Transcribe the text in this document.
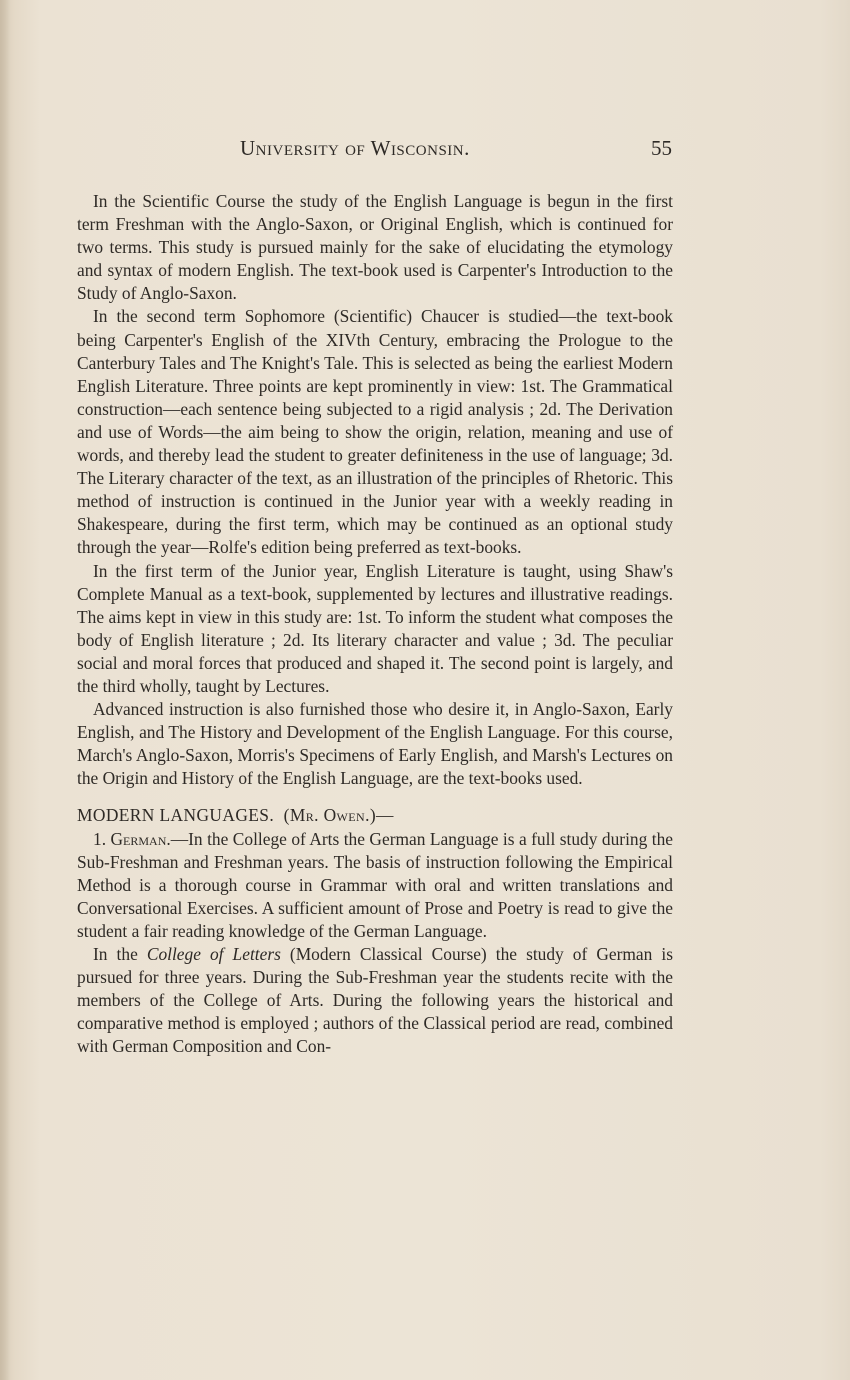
University of Wisconsin.	55

In the Scientific Course the study of the English Language is begun in the first term Freshman with the Anglo-Saxon, or Original English, which is continued for two terms. This study is pursued mainly for the sake of elucidating the etymology and syntax of modern English. The text-book used is Carpenter's Introduction to the Study of Anglo-Saxon.

In the second term Sophomore (Scientific) Chaucer is studied—the text-book being Carpenter's English of the XIVth Century, embracing the Prologue to the Canterbury Tales and The Knight's Tale. This is selected as being the earliest Modern English Literature. Three points are kept prominently in view: 1st. The Grammatical construction—each sentence being subjected to a rigid analysis ; 2d. The Derivation and use of Words—the aim being to show the origin, relation, meaning and use of words, and thereby lead the student to greater definiteness in the use of language; 3d. The Literary character of the text, as an illustration of the principles of Rhetoric. This method of instruction is continued in the Junior year with a weekly reading in Shakespeare, during the first term, which may be continued as an optional study through the year—Rolfe's edition being preferred as text-books.

In the first term of the Junior year, English Literature is taught, using Shaw's Complete Manual as a text-book, supplemented by lectures and illustrative readings. The aims kept in view in this study are: 1st. To inform the student what composes the body of English literature ; 2d. Its literary character and value ; 3d. The peculiar social and moral forces that produced and shaped it. The second point is largely, and the third wholly, taught by Lectures.

Advanced instruction is also furnished those who desire it, in Anglo-Saxon, Early English, and The History and Development of the English Language. For this course, March's Anglo-Saxon, Morris's Specimens of Early English, and Marsh's Lectures on the Origin and History of the English Language, are the text-books used.

MODERN LANGUAGES. (Mr. Owen.)—

1. German.—In the College of Arts the German Language is a full study during the Sub-Freshman and Freshman years. The basis of instruction following the Empirical Method is a thorough course in Grammar with oral and written translations and Conversational Exercises. A sufficient amount of Prose and Poetry is read to give the student a fair reading knowledge of the German Language.

In the College of Letters (Modern Classical Course) the study of German is pursued for three years. During the Sub-Freshman year the students recite with the members of the College of Arts. During the following years the historical and comparative method is employed ; authors of the Classical period are read, combined with German Composition and Con-
